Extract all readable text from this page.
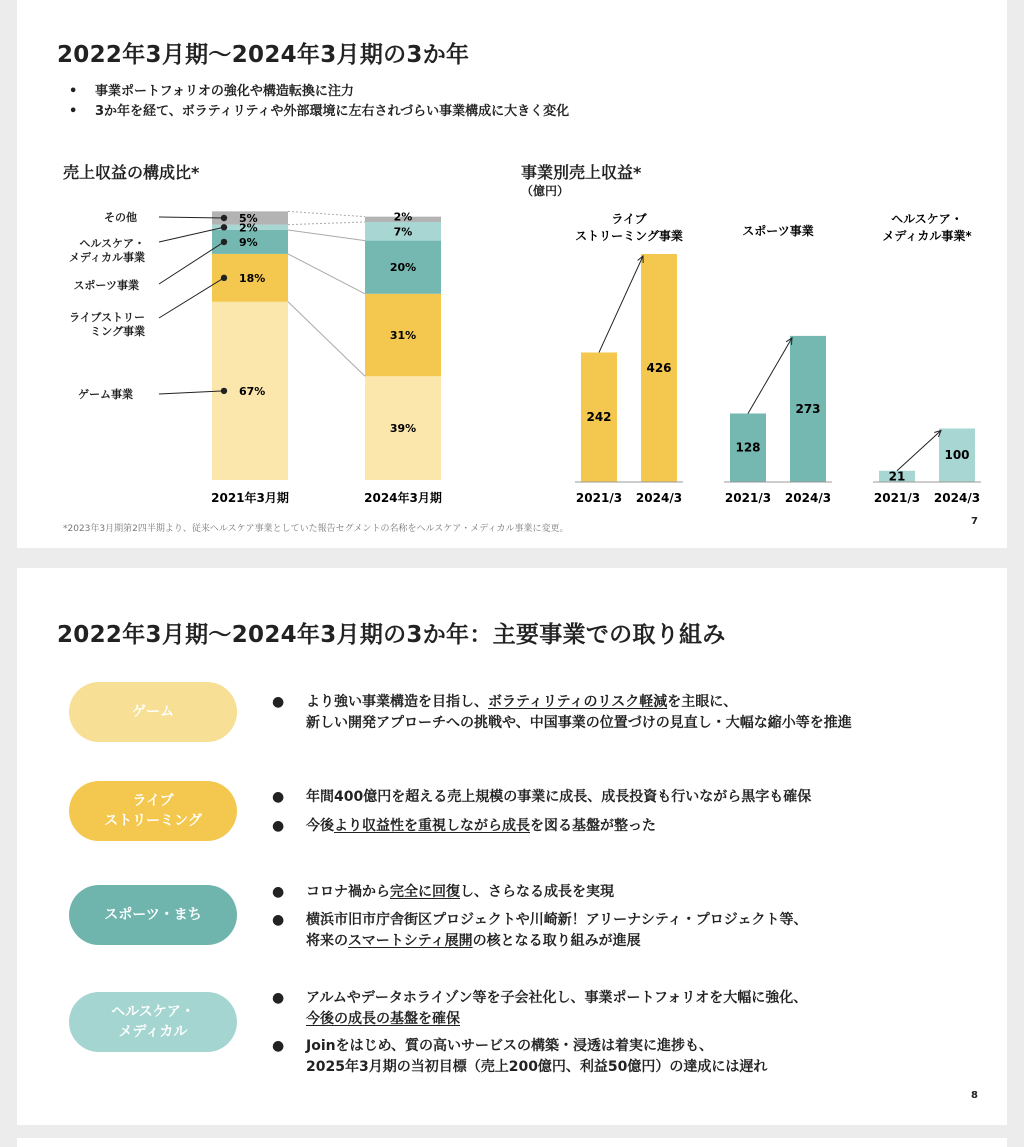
2022年3月期～2024年3月期の3か年
• 事業ポートフォリオの強化や構造転換に注力
• 3か年を経て、ボラティリティや外部環境に左右されづらい事業構成に大きく変化
売上収益の構成比*	事業別売上収益*
（億円）
その他
ヘルスケア・
メディカル事業
スポーツ事業
ライブストリー
ミング事業
ゲーム事業
2021年3月期	2024年3月期
67%
39%
18%
31%
9%
20%
2%	7%
5%	2%
242
2021/3
426
2024/3
ライブ
ストリーミング事業
128
2021/3
273
2024/3
スポーツ事業
21
2021/3
100
2024/3
ヘルスケア・
メディカル事業*
*2023年3月期第2四半期より、従来ヘルスケア事業としていた報告セグメントの名称をヘルスケア・メディカル事業に変更。
7
2022年3月期～2024年3月期の3か年：主要事業での取り組み
ゲーム
● より強い事業構造を目指し、ボラティリティのリスク軽減を主眼に、
新しい開発アプローチへの挑戦や、中国事業の位置づけの見直し・大幅な縮小等を推進
ライブ
ストリーミング
● 年間400億円を超える売上規模の事業に成長、成長投資も行いながら黒字も確保
● 今後より収益性を重視しながら成長を図る基盤が整った
スポーツ・まち
● コロナ禍から完全に回復し、さらなる成長を実現
● 横浜市旧市庁舎街区プロジェクトや川崎新！アリーナシティ・プロジェクト等、
将来のスマートシティ展開の核となる取り組みが進展
ヘルスケア・
メディカル
● アルムやデータホライゾン等を子会社化し、事業ポートフォリオを大幅に強化、
今後の成長の基盤を確保
● Joinをはじめ、質の高いサービスの構築・浸透は着実に進捗も、
2025年3月期の当初目標（売上200億円、利益50億円）の達成には遅れ
8
